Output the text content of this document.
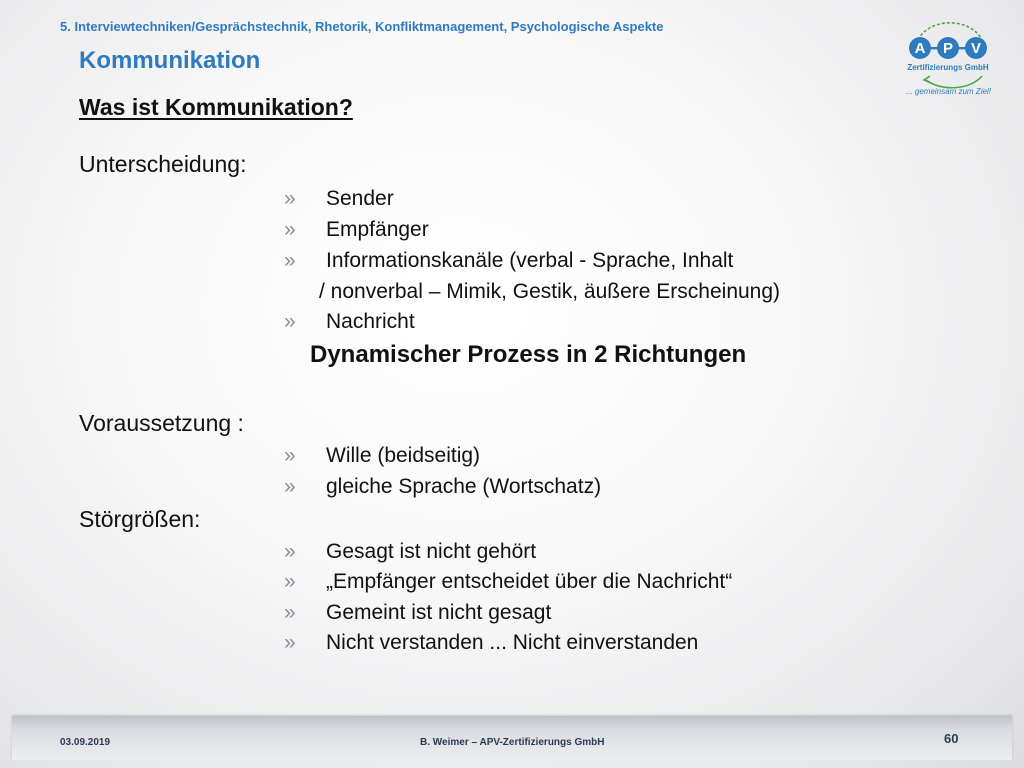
5. Interviewtechniken/Gesprächstechnik, Rhetorik, Konfliktmanagement, Psychologische Aspekte
Kommunikation
Was ist Kommunikation?
A P V
Zertifizierungs GmbH
... gemeinsam zum Ziel!
Unterscheidung:
» Sender
» Empfänger
» Informationskanäle (verbal - Sprache, Inhalt
/ nonverbal – Mimik, Gestik, äußere Erscheinung)
» Nachricht
Dynamischer Prozess in 2 Richtungen
Voraussetzung :
» Wille (beidseitig)
» gleiche Sprache (Wortschatz)
Störgrößen:
» Gesagt ist nicht gehört
» „Empfänger entscheidet über die Nachricht“
» Gemeint ist nicht gesagt
» Nicht verstanden ... Nicht einverstanden
03.09.2019	B. Weimer – APV-Zertifizierungs GmbH	60
